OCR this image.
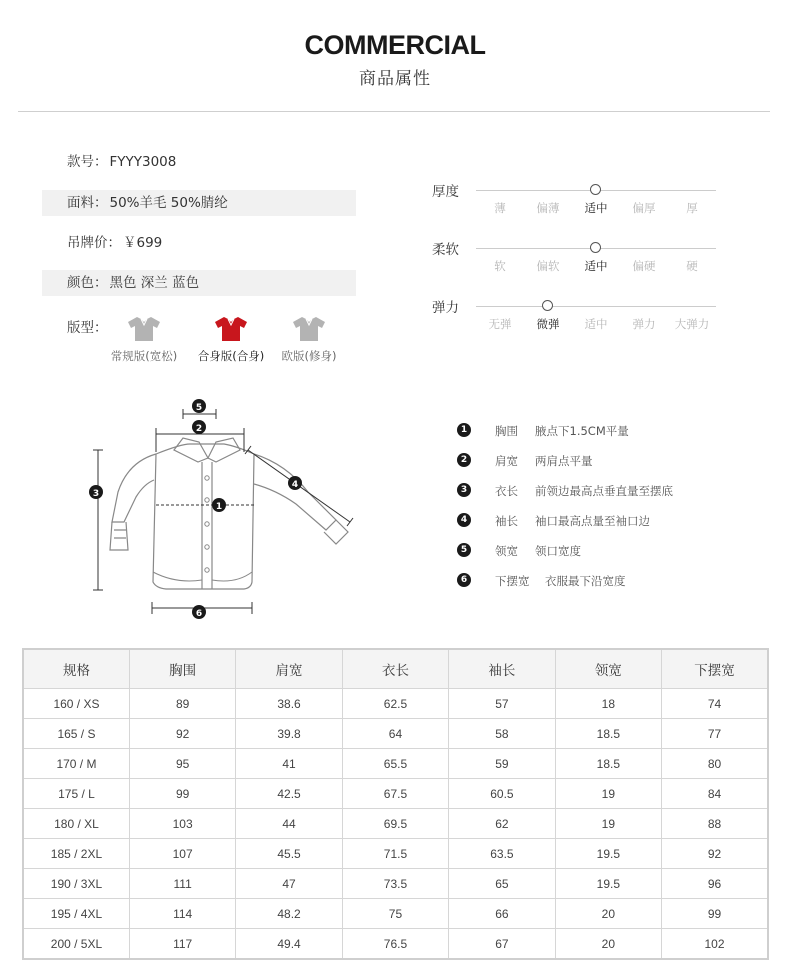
COMMERCIAL
商品属性
款号： FYYY3008
面料： 50%羊毛 50%腈纶
吊牌价： ￥699
颜色： 黑色 深兰 蓝色
版型：
常规版(宽松)	合身版(合身)	欧版(修身)
厚度
薄	偏薄	适中	偏厚	厚
柔软
软	偏软	适中	偏硬	硬
弹力
无弹	微弹	适中	弹力	大弹力
5
2
3
1
4
6
1	胸围 腋点下1.5CM平量
2	肩宽 两肩点平量
3	衣长 前领边最高点垂直量至摆底
4	袖长 袖口最高点量至袖口边
5	领宽 领口宽度
6	下摆宽 衣服最下沿宽度
规格	胸围	肩宽	衣长	袖长	领宽	下摆宽
160 / XS	89	38.6	62.5	57	18	74
165 / S	92	39.8	64	58	18.5	77
170 / M	95	41	65.5	59	18.5	80
175 / L	99	42.5	67.5	60.5	19	84
180 / XL	103	44	69.5	62	19	88
185 / 2XL	107	45.5	71.5	63.5	19.5	92
190 / 3XL	111	47	73.5	65	19.5	96
195 / 4XL	114	48.2	75	66	20	99
200 / 5XL	117	49.4	76.5	67	20	102
